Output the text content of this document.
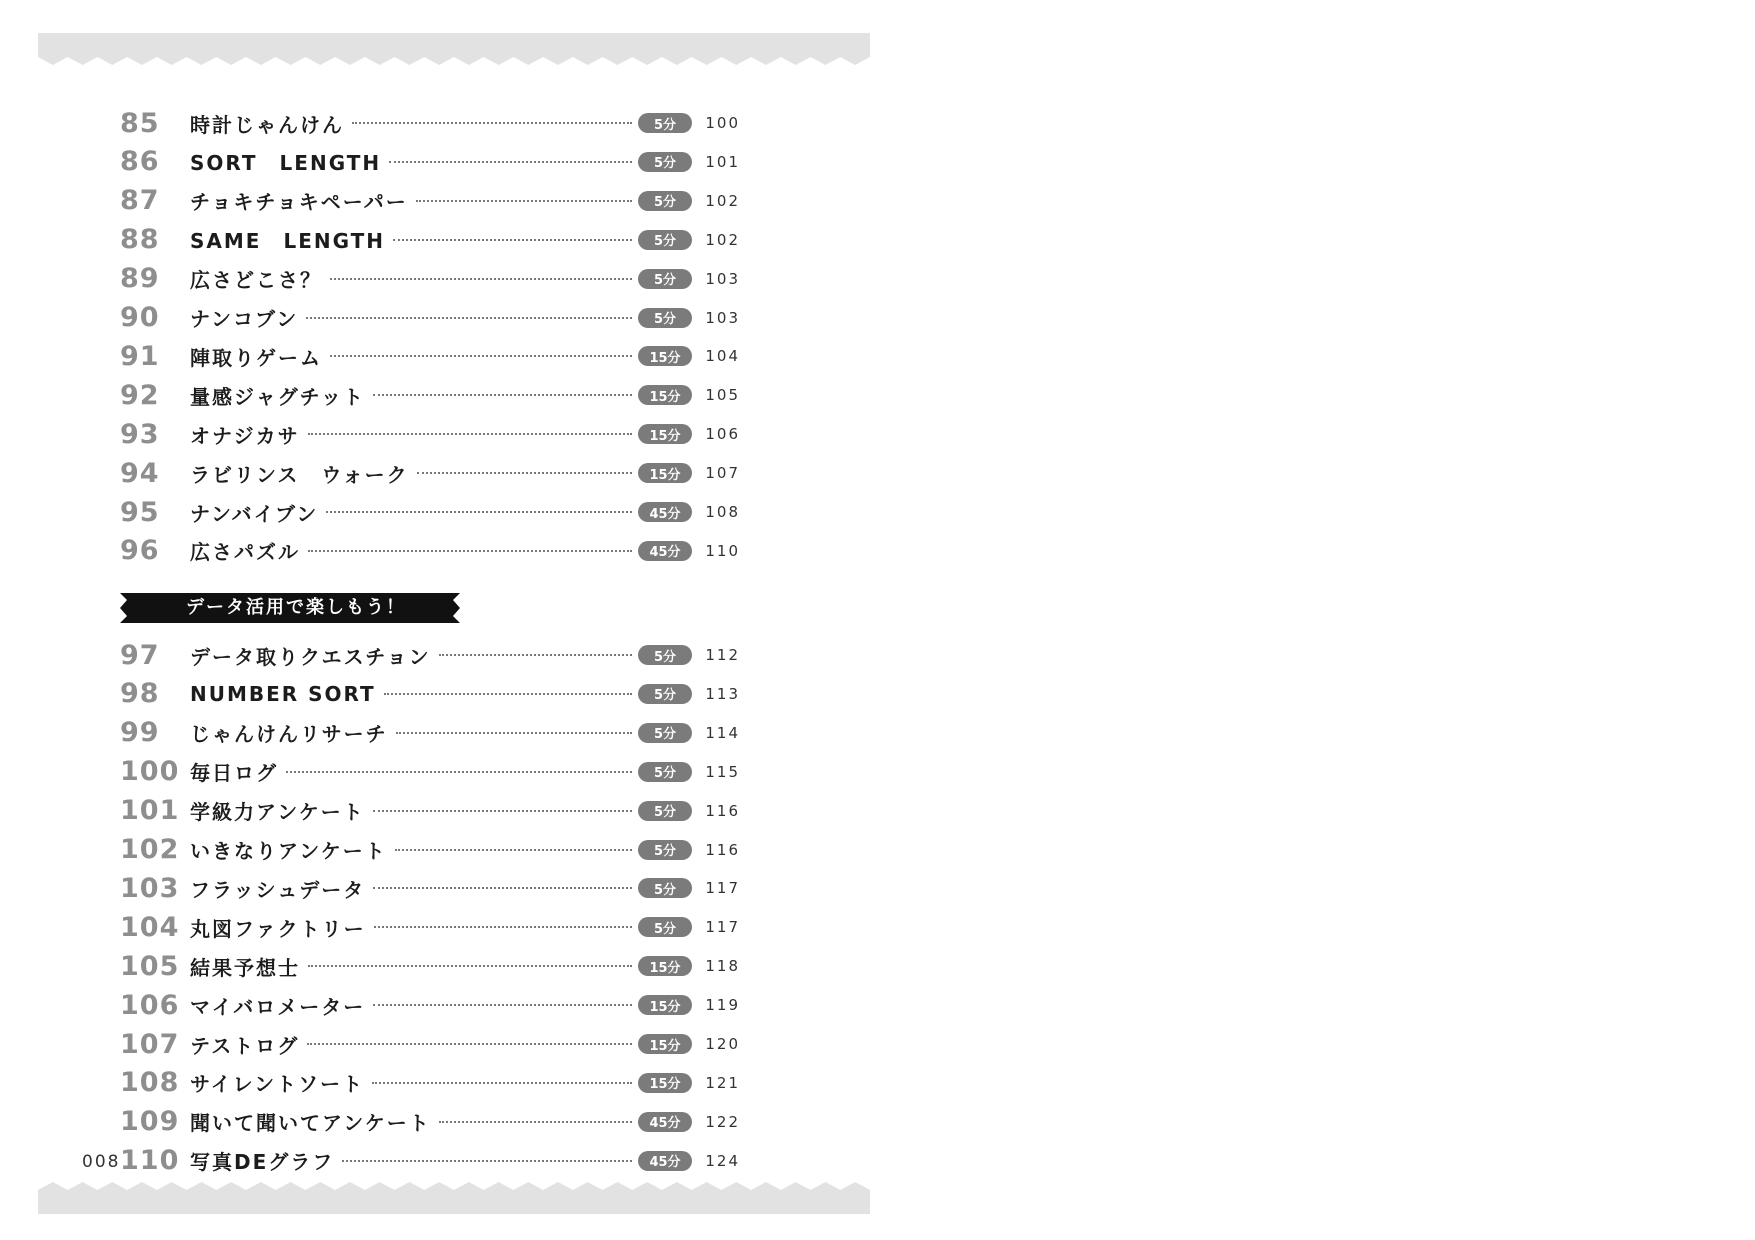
85	時計じゃんけん	5分	100
86	SORT　LENGTH	5分	101
87	チョキチョキペーパー	5分	102
88	SAME　LENGTH	5分	102
89	広さどこさ？	5分	103
90	ナンコブン	5分	103
91	陣取りゲーム	15分	104
92	量感ジャグチット	15分	105
93	オナジカサ	15分	106
94	ラビリンス　ウォーク	15分	107
95	ナンバイブン	45分	108
96	広さパズル	45分	110
データ活用で楽しもう！
97	データ取りクエスチョン	5分	112
98	NUMBER SORT	5分	113
99	じゃんけんリサーチ	5分	114
100 毎日ログ	5分	115
101 学級力アンケート	5分	116
102 いきなりアンケート	5分	116
103 フラッシュデータ	5分	117
104 丸図ファクトリー	5分	117
105 結果予想士	15分	118
106 マイバロメーター	15分	119
107 テストログ	15分	120
108 サイレントソート	15分	121
109 聞いて聞いてアンケート	45分	122
110 写真DEグラフ	45分	124
008
